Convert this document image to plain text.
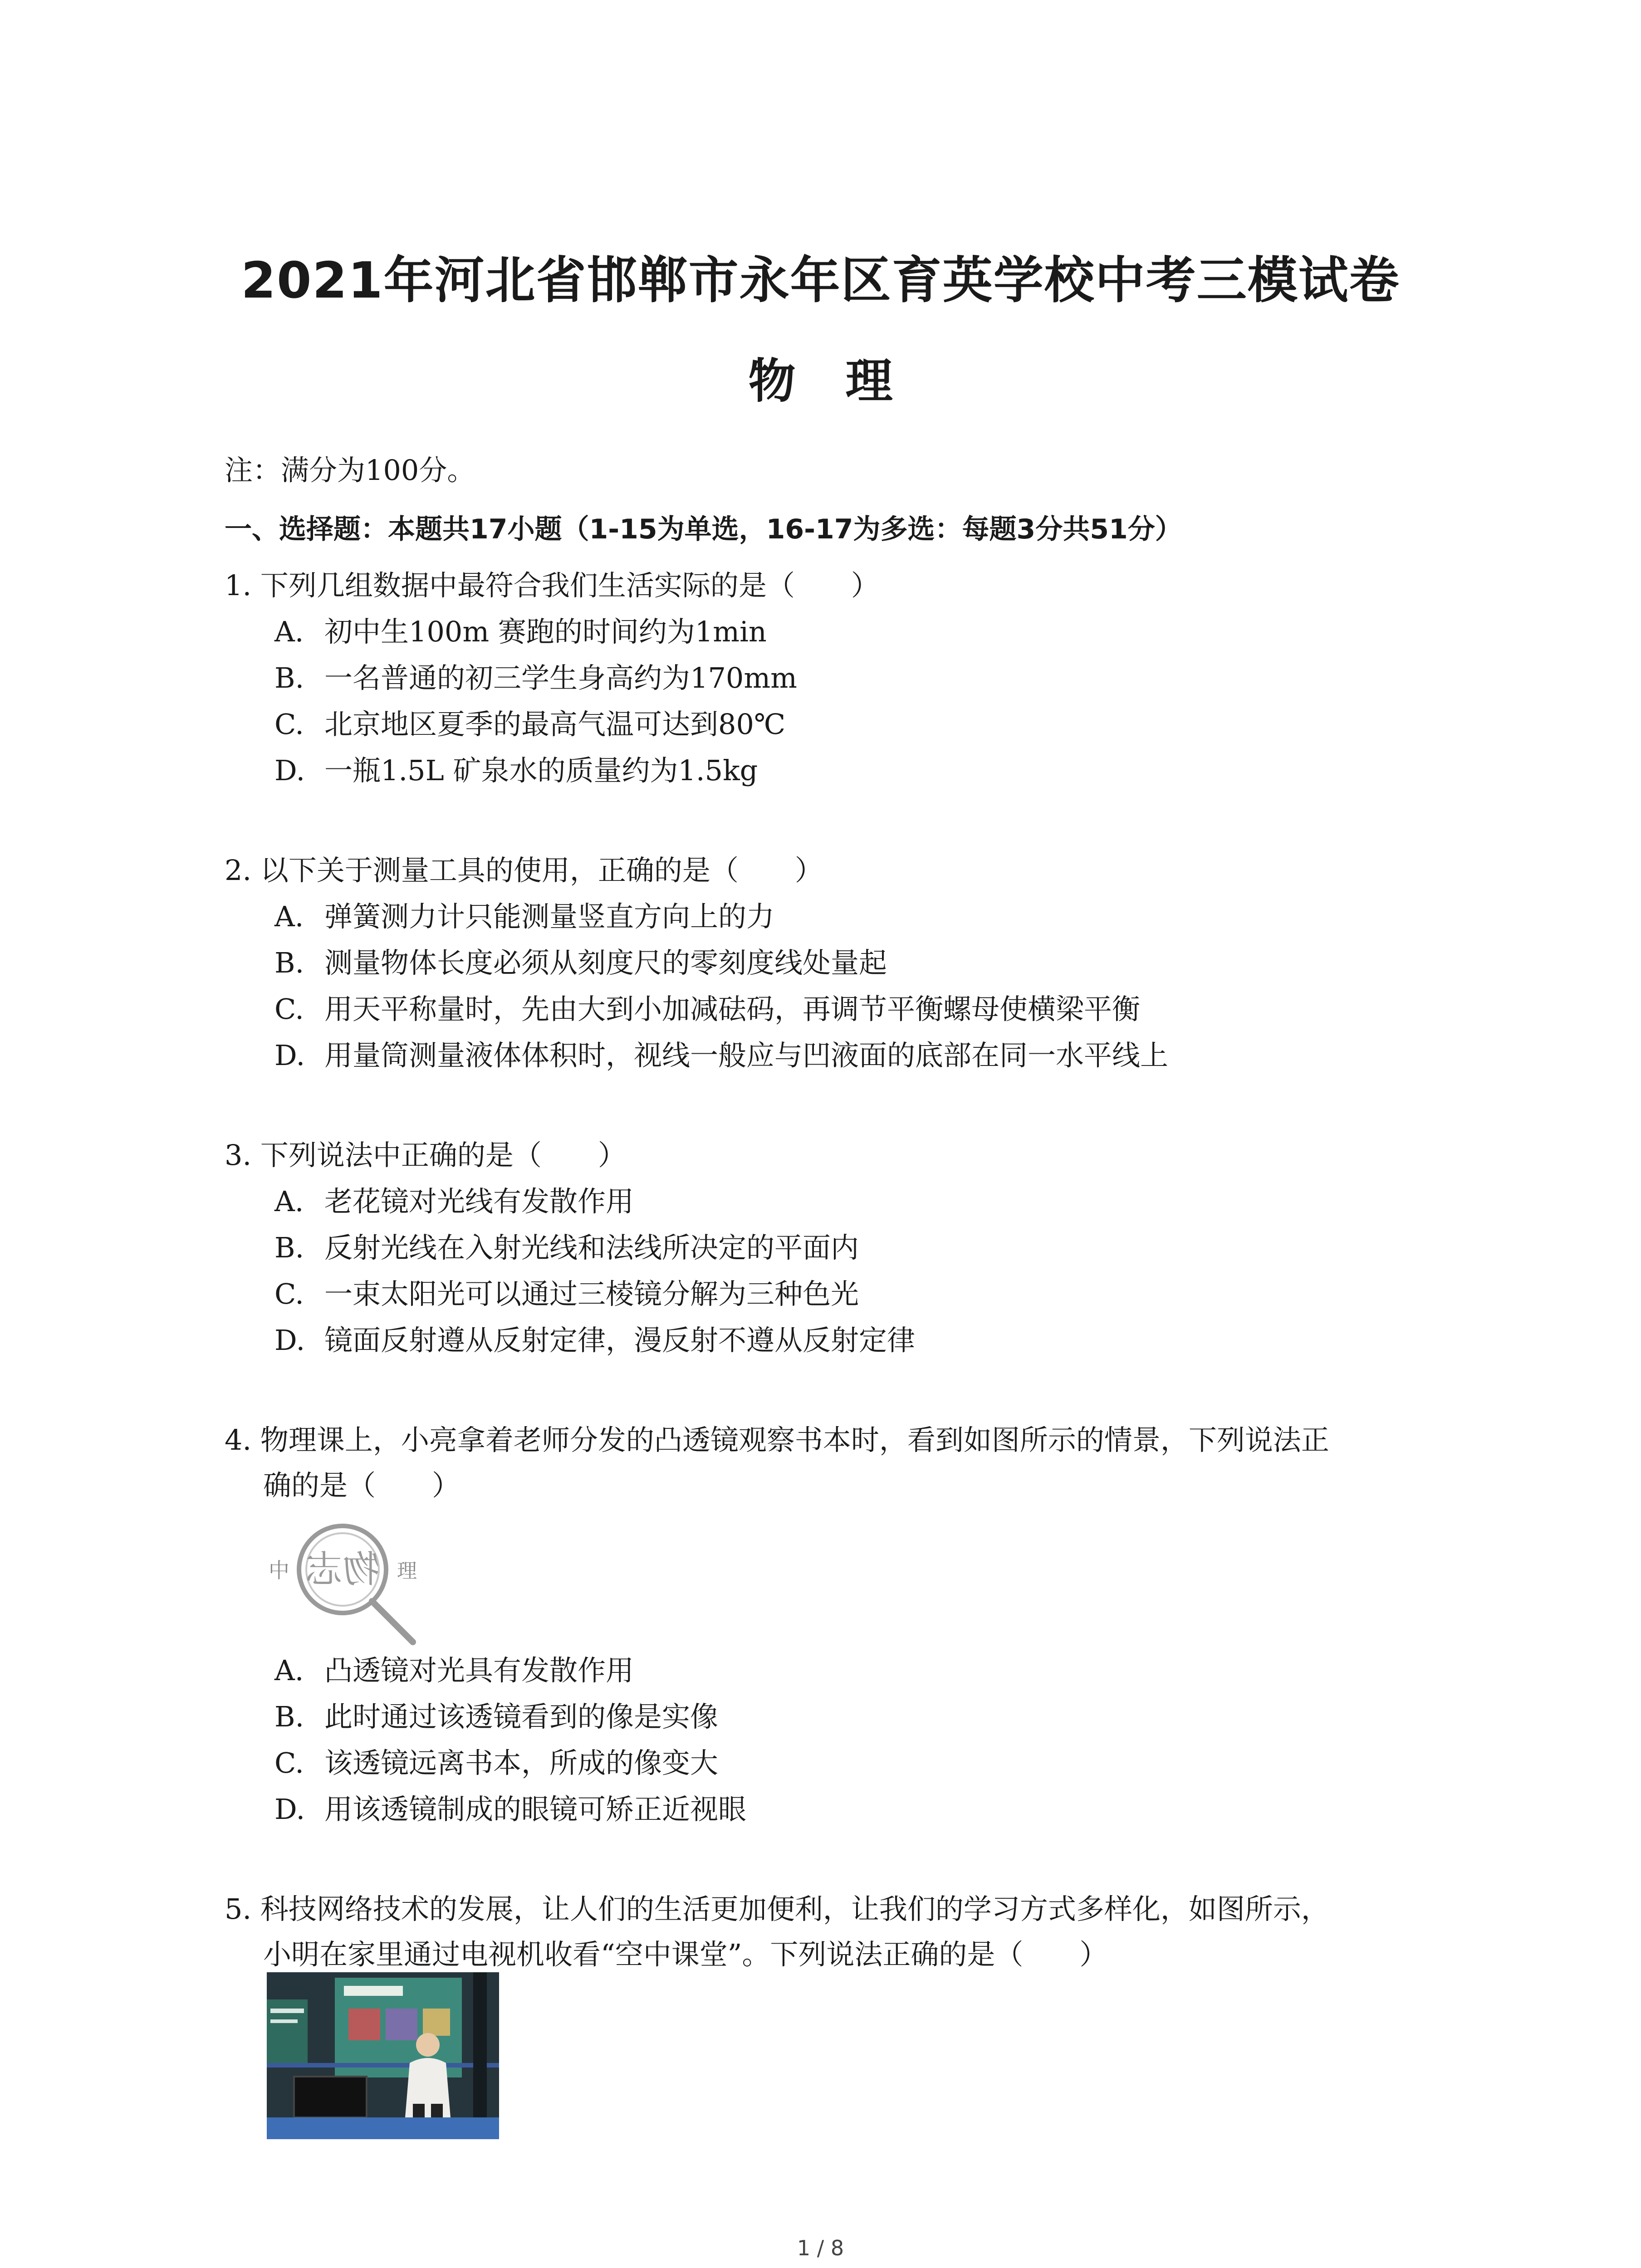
2021年河北省邯郸市永年区育英学校中考三模试卷
物理
注：满分为100分。
一、选择题：本题共17小题（1-15为单选，16-17为多选：每题3分共51分）
1. 下列几组数据中最符合我们生活实际的是（　　）
A. 初中生100m 赛跑的时间约为1min
B. 一名普通的初三学生身高约为170mm
C. 北京地区夏季的最高气温可达到80℃
D. 一瓶1.5L 矿泉水的质量约为1.5kg
2. 以下关于测量工具的使用，正确的是（　　）
A. 弹簧测力计只能测量竖直方向上的力
B. 测量物体长度必须从刻度尺的零刻度线处量起
C. 用天平称量时，先由大到小加减砝码，再调节平衡螺母使横梁平衡
D. 用量筒测量液体体积时，视线一般应与凹液面的底部在同一水平线上
3. 下列说法中正确的是（　　）
A. 老花镜对光线有发散作用
B. 反射光线在入射光线和法线所决定的平面内
C. 一束太阳光可以通过三棱镜分解为三种色光
D. 镜面反射遵从反射定律，漫反射不遵从反射定律
4. 物理课上，小亮拿着老师分发的凸透镜观察书本时，看到如图所示的情景，下列说法正
确的是（　　）
中 物志 理
A. 凸透镜对光具有发散作用
B. 此时通过该透镜看到的像是实像
C. 该透镜远离书本，所成的像变大
D. 用该透镜制成的眼镜可矫正近视眼
5. 科技网络技术的发展，让人们的生活更加便利，让我们的学习方式多样化，如图所示，
小明在家里通过电视机收看“空中课堂”。下列说法正确的是（　　）
1 / 8
